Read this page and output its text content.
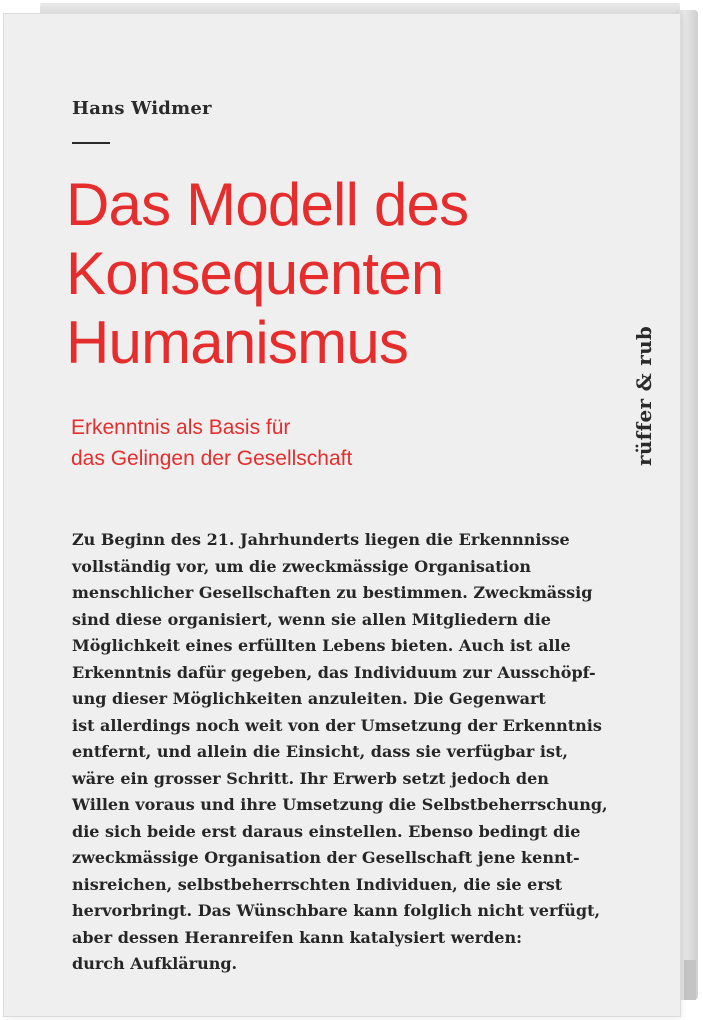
Hans Widmer
Das Modell des
Konsequenten
Humanismus
Erkenntnis als Basis für
das Gelingen der Gesellschaft	rüffer & rub
Zu Beginn des 21. Jahrhunderts liegen die Erkennnisse
vollständig vor, um die zweckmässige Organisation
menschlicher Gesellschaften zu bestimmen. Zweckmässig
sind diese organisiert, wenn sie allen Mitgliedern die
Möglichkeit eines erfüllten Lebens bieten. Auch ist alle
Erkenntnis dafür gegeben, das Individuum zur Ausschöpf-
ung dieser Möglichkeiten anzuleiten. Die Gegenwart
ist allerdings noch weit von der Umsetzung der Erkenntnis
entfernt, und allein die Einsicht, dass sie verfügbar ist,
wäre ein grosser Schritt. Ihr Erwerb setzt jedoch den
Willen voraus und ihre Umsetzung die Selbstbeherrschung,
die sich beide erst daraus einstellen. Ebenso bedingt die
zweckmässige Organisation der Gesellschaft jene kennt-
nisreichen, selbstbeherrschten Individuen, die sie erst
hervorbringt. Das Wünschbare kann folglich nicht verfügt,
aber dessen Heranreifen kann katalysiert werden:
durch Aufklärung.
